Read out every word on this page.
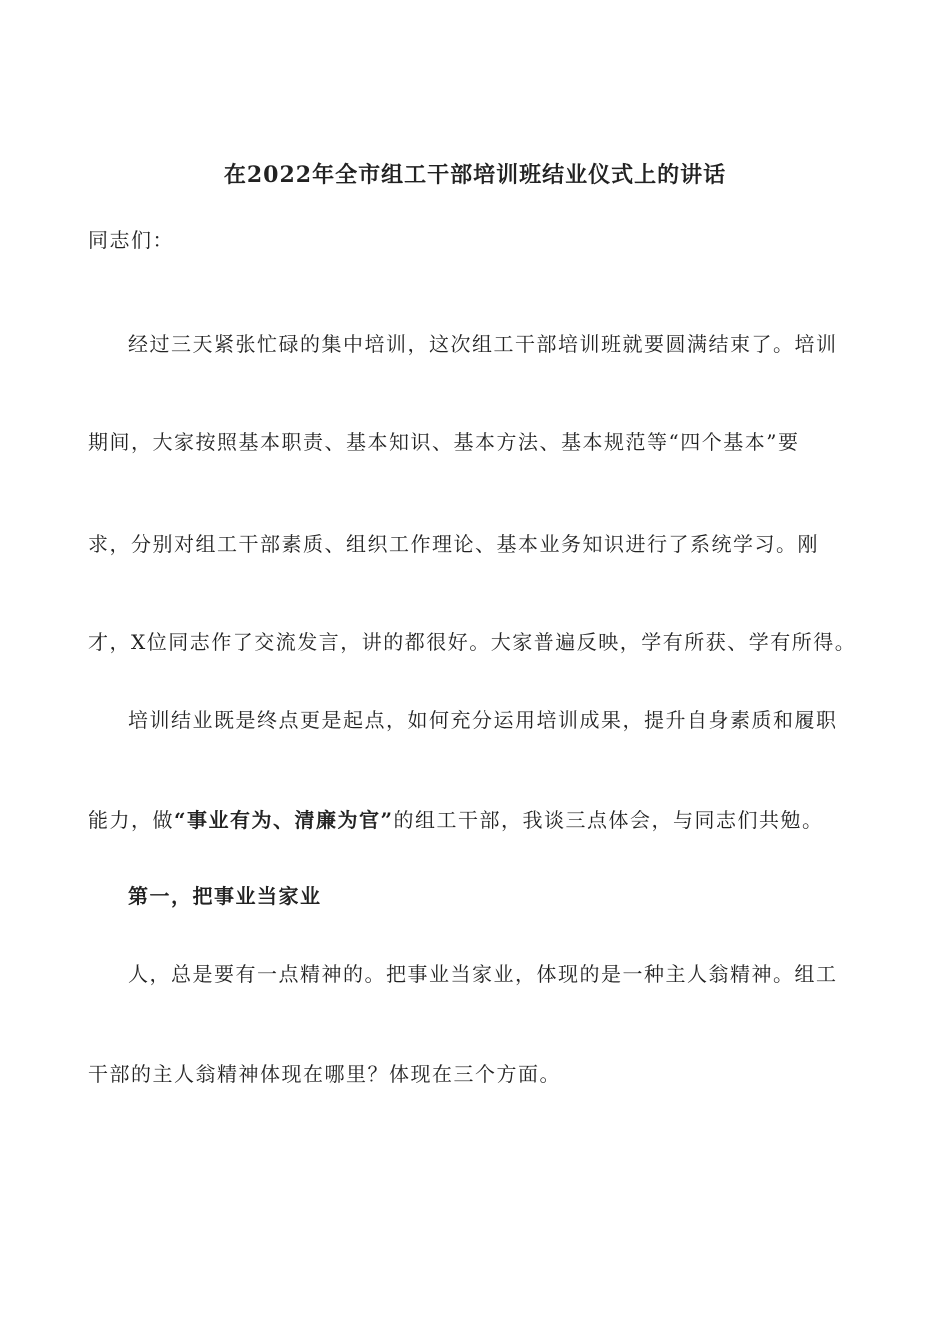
在2022年全市组工干部培训班结业仪式上的讲话
同志们：
经过三天紧张忙碌的集中培训，这次组工干部培训班就要圆满结束了。培训
期间，大家按照基本职责、基本知识、基本方法、基本规范等“四个基本”要
求，分别对组工干部素质、组织工作理论、基本业务知识进行了系统学习。刚
才，X位同志作了交流发言，讲的都很好。大家普遍反映，学有所获、学有所得。
培训结业既是终点更是起点，如何充分运用培训成果，提升自身素质和履职
能力，做“事业有为、清廉为官”的组工干部，我谈三点体会，与同志们共勉。
第一，把事业当家业
人，总是要有一点精神的。把事业当家业，体现的是一种主人翁精神。组工
干部的主人翁精神体现在哪里？体现在三个方面。
